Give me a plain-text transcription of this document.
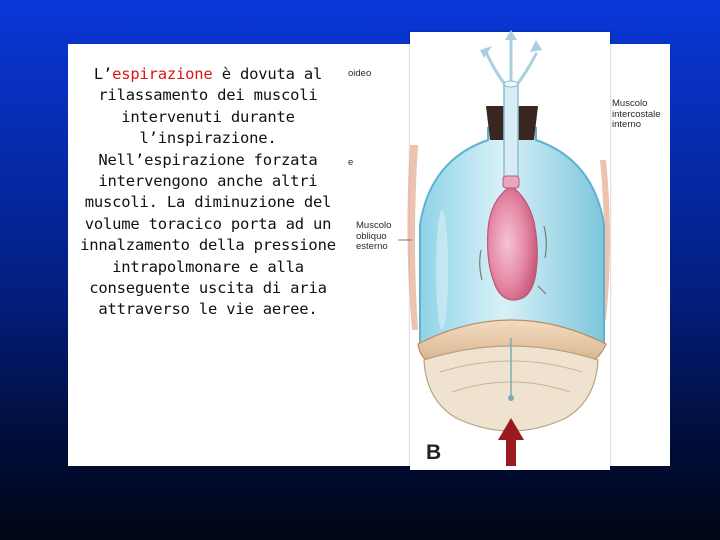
L’espirazione è dovuta al rilassamento dei muscoli intervenuti durante l’inspirazione.

Nell’espirazione forzata intervengono anche altri muscoli. La diminuzione del volume toracico porta ad un innalzamento della pressione intrapolmonare e alla conseguente uscita di aria attraverso le vie aeree.

oideo
e
Muscolo
obliquo
esterno
Muscolo
intercostale
interno
B
